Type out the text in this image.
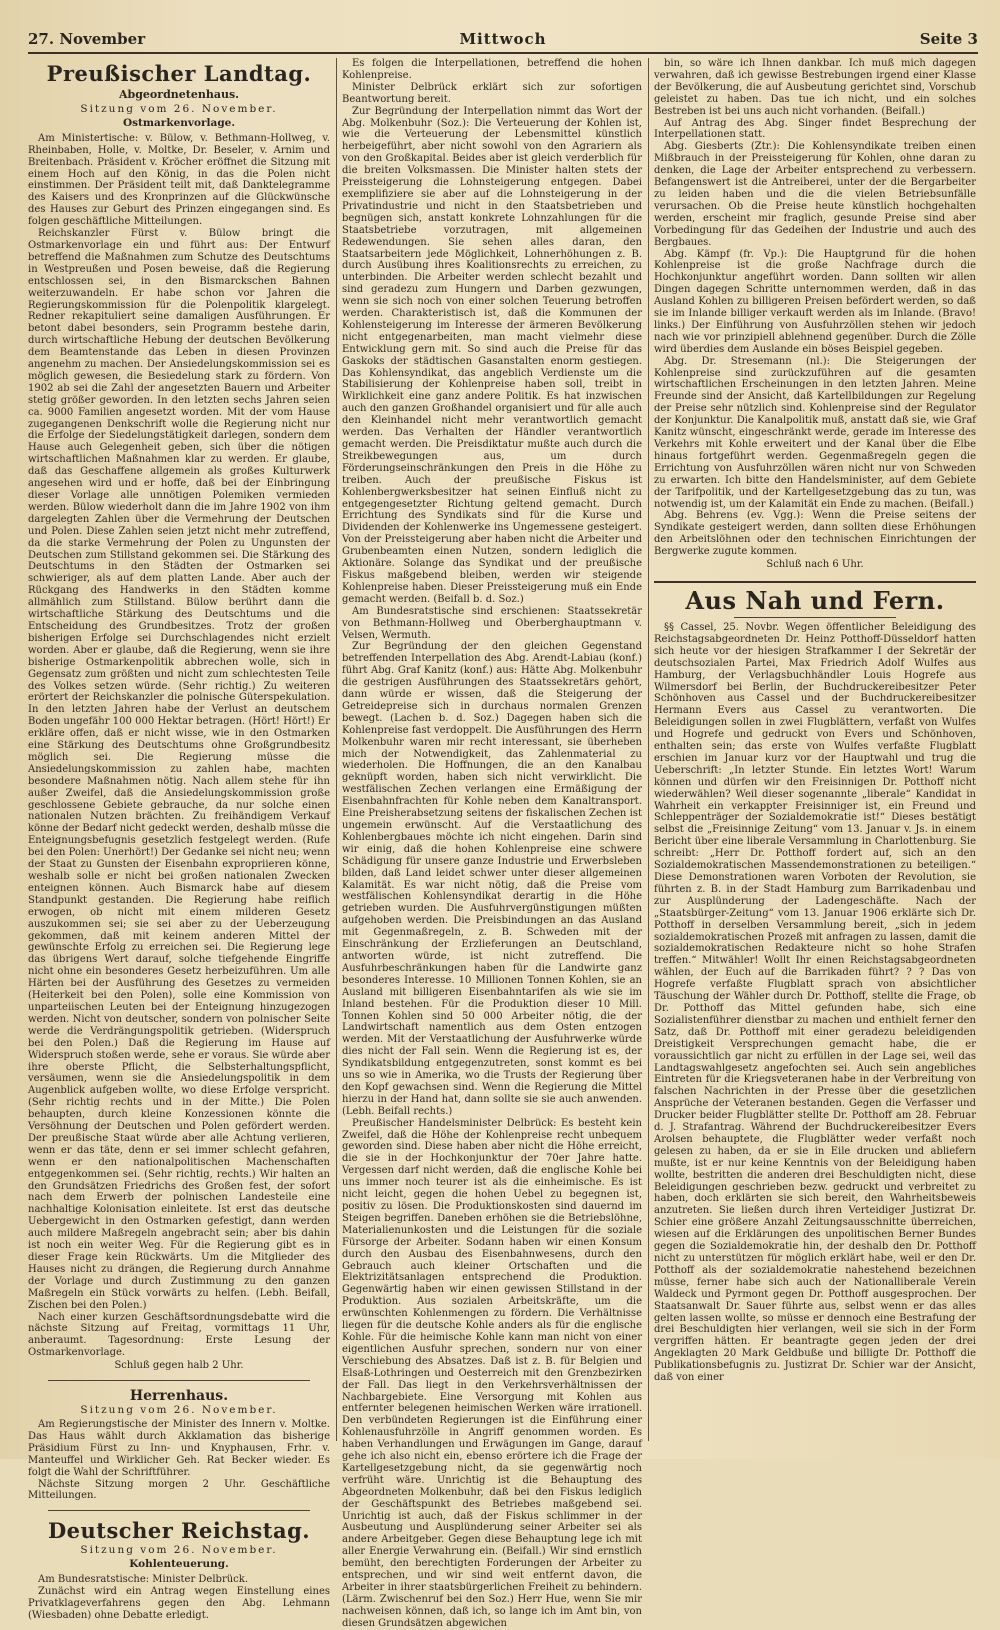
27. November	Mittwoch	Seite 3
Preußischer Landtag.
Abgeordnetenhaus.
Sitzung vom 26. November.
Ostmarkenvorlage.

Am Ministertische: v. Bülow, v. Bethmann-Hollweg, v. Rheinbaben, Holle, v. Moltke, Dr. Beseler, v. Arnim und Breitenbach. Präsident v. Kröcher eröffnet die Sitzung mit einem Hoch auf den König, in das die Polen nicht einstimmen. Der Präsident teilt mit, daß Danktelegramme des Kaisers und des Kronprinzen auf die Glückwünsche des Hauses zur Geburt des Prinzen eingegangen sind. Es folgen geschäftliche Mitteilungen.

Reichskanzler Fürst v. Bülow bringt die Ostmarkenvorlage ein und führt aus: Der Entwurf betreffend die Maßnahmen zum Schutze des Deutschtums in Westpreußen und Posen beweise, daß die Regierung entschlossen sei, in den Bismarckschen Bahnen weiterzuwandeln. Er habe schon vor Jahren die Regierungskommission für die Polenpolitik klargelegt. Redner rekapituliert seine damaligen Ausführungen. Er betont dabei besonders, sein Programm bestehe darin, durch wirtschaftliche Hebung der deutschen Bevölkerung dem Beamtenstande das Leben in diesen Provinzen angenehm zu machen. Der Ansiedelungskommission sei es möglich gewesen, die Besiedelung stark zu fördern. Von 1902 ab sei die Zahl der angesetzten Bauern und Arbeiter stetig größer geworden. In den letzten sechs Jahren seien ca. 9000 Familien angesetzt worden. Mit der vom Hause zugegangenen Denkschrift wolle die Regierung nicht nur die Erfolge der Siedelungstätigkeit darlegen, sondern dem Hause auch Gelegenheit geben, sich über die nötigen wirtschaftlichen Maßnahmen klar zu werden. Er glaube, daß das Geschaffene allgemein als großes Kulturwerk angesehen wird und er hoffe, daß bei der Einbringung dieser Vorlage alle unnötigen Polemiken vermieden werden. Bülow wiederholt dann die im Jahre 1902 von ihm dargelegten Zahlen über die Vermehrung der Deutschen und Polen. Diese Zahlen seien jetzt nicht mehr zutreffend, da die starke Vermehrung der Polen zu Ungunsten der Deutschen zum Stillstand gekommen sei. Die Stärkung des Deutschtums in den Städten der Ostmarken sei schwieriger, als auf dem platten Lande. Aber auch der Rückgang des Handwerks in den Städten komme allmählich zum Stillstand. Bülow berührt dann die wirtschaftliche Stärkung des Deutschtums und die Entscheidung des Grundbesitzes. Trotz der großen bisherigen Erfolge sei Durchschlagendes nicht erzielt worden. Aber er glaube, daß die Regierung, wenn sie ihre bisherige Ostmarkenpolitik abbrechen wolle, sich in Gegensatz zum größten und nicht zum schlechtesten Teile des Volkes setzen würde. (Sehr richtig.) Zu weiteren erörtert der Reichskanzler die polnische Güterspekulation. In den letzten Jahren habe der Verlust an deutschem Boden ungefähr 100 000 Hektar betragen. (Hört! Hört!) Er erkläre offen, daß er nicht wisse, wie in den Ostmarken eine Stärkung des Deutschtums ohne Großgrundbesitz möglich sei. Die Regierung müsse die Ansiedelungskommission zu zahlen habe, machten besondere Maßnahmen nötig. Nach allem stehe für ihn außer Zweifel, daß die Ansiedelungskommission große geschlossene Gebiete gebrauche, da nur solche einen nationalen Nutzen brächten. Zu freihändigem Verkauf könne der Bedarf nicht gedeckt werden, deshalb müsse die Enteignungsbefugnis gesetzlich festgelegt werden. (Rufe bei den Polen: Unerhört!) Der Gedanke sei nicht neu; wenn der Staat zu Gunsten der Eisenbahn expropriieren könne, weshalb solle er nicht bei großen nationalen Zwecken enteignen können. Auch Bismarck habe auf diesem Standpunkt gestanden. Die Regierung habe reiflich erwogen, ob nicht mit einem milderen Gesetz auszukommen sei; sie sei aber zu der Ueberzeugung gekommen, daß mit keinem anderen Mittel der gewünschte Erfolg zu erreichen sei. Die Regierung lege das übrigens Wert darauf, solche tiefgehende Eingriffe nicht ohne ein besonderes Gesetz herbeizuführen. Um alle Härten bei der Ausführung des Gesetzes zu vermeiden (Heiterkeit bei den Polen), solle eine Kommission von unparteiischen Leuten bei der Enteignung hinzugezogen werden. Nicht von deutscher, sondern von polnischer Seite werde die Verdrängungspolitik getrieben. (Widerspruch bei den Polen.) Daß die Regierung im Hause auf Widerspruch stoßen werde, sehe er voraus. Sie würde aber ihre oberste Pflicht, die Selbsterhaltungspflicht, versäumen, wenn sie die Ansiedelungspolitik in dem Augenblick aufgeben wollte, wo diese Erfolge verspricht. (Sehr richtig rechts und in der Mitte.) Die Polen behaupten, durch kleine Konzessionen könnte die Versöhnung der Deutschen und Polen gefördert werden. Der preußische Staat würde aber alle Achtung verlieren, wenn er das täte, denn er sei immer schlecht gefahren, wenn er den nationalpolitischen Machenschaften entgegenkommen sei. (Sehr richtig, rechts.) Wir halten an den Grundsätzen Friedrichs des Großen fest, der sofort nach dem Erwerb der polnischen Landesteile eine nachhaltige Kolonisation einleitete. Ist erst das deutsche Uebergewicht in den Ostmarken gefestigt, dann werden auch mildere Maßregeln angebracht sein; aber bis dahin ist noch ein weiter Weg. Für die Regierung gibt es in dieser Frage kein Rückwärts. Um die Mitglieder des Hauses nicht zu drängen, die Regierung durch Annahme der Vorlage und durch Zustimmung zu den ganzen Maßregeln ein Stück vorwärts zu helfen. (Lebh. Beifall, Zischen bei den Polen.)

Nach einer kurzen Geschäftsordnungsdebatte wird die nächste Sitzung auf Freitag, vormittags 11 Uhr, anberaumt. Tagesordnung: Erste Lesung der Ostmarkenvorlage.

Schluß gegen halb 2 Uhr.
Herrenhaus.
Sitzung vom 26. November.

Am Regierungstische der Minister des Innern v. Moltke. Das Haus wählt durch Akklamation das bisherige Präsidium Fürst zu Inn- und Knyphausen, Frhr. v. Manteuffel und Wirklicher Geh. Rat Becker wieder. Es folgt die Wahl der Schriftführer.

Nächste Sitzung morgen 2 Uhr. Geschäftliche Mitteilungen.

Deutscher Reichstag.
Sitzung vom 26. November.
Kohlenteuerung.

Am Bundesratstische: Minister Delbrück.

Zunächst wird ein Antrag wegen Einstellung eines Privatklageverfahrens gegen den Abg. Lehmann (Wiesbaden) ohne Debatte erledigt.

Es folgen die Interpellationen, betreffend die hohen Kohlenpreise.

Minister Delbrück erklärt sich zur sofortigen Beantwortung bereit.

Zur Begründung der Interpellation nimmt das Wort der Abg. Molkenbuhr (Soz.): Die Verteuerung der Kohlen ist, wie die Verteuerung der Lebensmittel künstlich herbeigeführt, aber nicht sowohl von den Agrariern als von den Großkapital. Beides aber ist gleich verderblich für die breiten Volksmassen. Die Minister halten stets der Preissteigerung die Lohnsteigerung entgegen. Dabei exemplifiziere sie aber auf die Lohnsteigerung in der Privatindustrie und nicht in den Staatsbetrieben und begnügen sich, anstatt konkrete Lohnzahlungen für die Staatsbetriebe vorzutragen, mit allgemeinen Redewendungen. Sie sehen alles daran, den Staatsarbeitern jede Möglichkeit, Lohnerhöhungen z. B. durch Ausübung ihres Koalitionsrechts zu erreichen, zu unterbinden. Die Arbeiter werden schlecht bezahlt und sind geradezu zum Hungern und Darben gezwungen, wenn sie sich noch von einer solchen Teuerung betroffen werden. Charakteristisch ist, daß die Kommunen der Kohlensteigerung im Interesse der ärmeren Bevölkerung nicht entgegenarbeiten, man macht vielmehr diese Entwicklung gern mit. So sind auch die Preise für das Gaskoks der städtischen Gasanstalten enorm gestiegen. Das Kohlensyndikat, das angeblich Verdienste um die Stabilisierung der Kohlenpreise haben soll, treibt in Wirklichkeit eine ganz andere Politik. Es hat inzwischen auch den ganzen Großhandel organisiert und für alle auch den Kleinhandel nicht mehr verantwortlich gemacht werden. Das Verhalten der Händler verantwortlich gemacht werden. Die Preisdiktatur mußte auch durch die Streikbewegungen aus, um durch Förderungseinschränkungen den Preis in die Höhe zu treiben. Auch der preußische Fiskus ist Kohlenbergwerksbesitzer hat seinen Einfluß nicht zu entgegengesetzter Richtung geltend gemacht. Durch Errichtung des Syndikats sind für die Kurse und Dividenden der Kohlenwerke ins Ungemessene gesteigert. Von der Preissteigerung aber haben nicht die Arbeiter und Grubenbeamten einen Nutzen, sondern lediglich die Aktionäre. Solange das Syndikat und der preußische Fiskus maßgebend bleiben, werden wir steigende Kohlenpreise haben. Dieser Preissteigerung muß ein Ende gemacht werden. (Beifall b. d. Soz.)

Am Bundesratstische sind erschienen: Staatssekretär von Bethmann-Hollweg und Oberberghauptmann v. Velsen, Wermuth.

Zur Begründung der den gleichen Gegenstand betreffenden Interpellation des Abg. Arendt-Labiau (konf.) führt Abg. Graf Kanitz (konf.) aus: Hätte Abg. Molkenbuhr die gestrigen Ausführungen des Staatssekretärs gehört, dann würde er wissen, daß die Steigerung der Getreidepreise sich in durchaus normalen Grenzen bewegt. (Lachen b. d. Soz.) Dagegen haben sich die Kohlenpreise fast verdoppelt. Die Ausführungen des Herrn Molkenbuhr waren mir recht interessant, sie überheben mich der Notwendigkeit, das Zahlenmaterial zu wiederholen. Die Hoffnungen, die an den Kanalbau geknüpft worden, haben sich nicht verwirklicht. Die westfälischen Zechen verlangen eine Ermäßigung der Eisenbahnfrachten für Kohle neben dem Kanaltransport. Eine Preisherabsetzung seitens der fiskalischen Zechen ist ungemein erwünscht. Auf die Verstaatlichung des Kohlenbergbaues möchte ich nicht eingehen. Darin sind wir einig, daß die hohen Kohlenpreise eine schwere Schädigung für unsere ganze Industrie und Erwerbsleben bilden, daß Land leidet schwer unter dieser allgemeinen Kalamität. Es war nicht nötig, daß die Preise vom westfälischen Kohlensyndikat derartig in die Höhe getrieben wurden. Die Ausfuhrvergünstigungen müßten aufgehoben werden. Die Preisbindungen an das Ausland mit Gegenmaßregeln, z. B. Schweden mit der Einschränkung der Erzlieferungen an Deutschland, antworten würde, ist nicht zutreffend. Die Ausfuhrbeschränkungen haben für die Landwirte ganz besonderes Interesse. 10 Millionen Tonnen Kohlen, sie an Ausland mit billigeren Eisenbahntarifen als wie sie im Inland bestehen. Für die Produktion dieser 10 Mill. Tonnen Kohlen sind 50 000 Arbeiter nötig, die der Landwirtschaft namentlich aus dem Osten entzogen werden. Mit der Verstaatlichung der Ausfuhrwerke würde dies nicht der Fall sein. Wenn die Regierung ist es, der Syndikatsbildung entgegenzutreten, sonst kommt es bei uns so wie in Amerika, wo die Trusts der Regierung über den Kopf gewachsen sind. Wenn die Regierung die Mittel hierzu in der Hand hat, dann sollte sie sie auch anwenden. (Lebh. Beifall rechts.)

Preußischer Handelsminister Delbrück: Es besteht kein Zweifel, daß die Höhe der Kohlenpreise recht unbequem geworden sind. Diese haben aber nicht die Höhe erreicht, die sie in der Hochkonjunktur der 70er Jahre hatte. Vergessen darf nicht werden, daß die englische Kohle bei uns immer noch teurer ist als die einheimische. Es ist nicht leicht, gegen die hohen Uebel zu begegnen ist, positiv zu lösen. Die Produktionskosten sind dauernd im Steigen begriffen. Daneben erhöhen sie die Betriebslöhne, Materialienunkosten und die Leistungen für die soziale Fürsorge der Arbeiter. Sodann haben wir einen Konsum durch den Ausbau des Eisenbahnwesens, durch den Gebrauch auch kleiner Ortschaften und die Elektrizitätsanlagen entsprechend die Produktion. Gegenwärtig haben wir einen gewissen Stillstand in der Produktion. Aus sozialen Arbeitskräfte, um die erwünschten Kohlenmengen zu fördern. Die Verhältnisse liegen für die deutsche Kohle anders als für die englische Kohle. Für die heimische Kohle kann man nicht von einer eigentlichen Ausfuhr sprechen, sondern nur von einer Verschiebung des Absatzes. Daß ist z. B. für Belgien und Elsaß-Lothringen und Oesterreich mit den Grenzbezirken der Fall. Das liegt in den Verkehrsverhältnissen der Nachbargebiete. Eine Versorgung mit Kohlen aus entfernter belegenen heimischen Werken wäre irrationell. Den verbündeten Regierungen ist die Einführung einer Kohlenausfuhrzölle in Angriff genommen worden. Es haben Verhandlungen und Erwägungen im Gange, darauf gehe ich also nicht ein, ebenso erörtere ich die Frage der Kartellgesetzgebung nicht, da sie gegenwärtig noch verfrüht wäre. Unrichtig ist die Behauptung des Abgeordneten Molkenbuhr, daß bei den Fiskus lediglich der Geschäftspunkt des Betriebes maßgebend sei. Unrichtig ist auch, daß der Fiskus schlimmer in der Ausbeutung und Ausplünderung seiner Arbeiter sei als andere Arbeitgeber. Gegen diese Behauptung lege ich mit aller Energie Verwahrung ein. (Beifall.) Wir sind ernstlich bemüht, den berechtigten Forderungen der Arbeiter zu entsprechen, und wir sind weit entfernt davon, die Arbeiter in ihrer staatsbürgerlichen Freiheit zu behindern. (Lärm. Zwischenruf bei den Soz.) Herr Hue, wenn Sie mir nachweisen können, daß ich, so lange ich im Amt bin, von diesen Grundsätzen abgewichen

bin, so wäre ich Ihnen dankbar. Ich muß mich dagegen verwahren, daß ich gewisse Bestrebungen irgend einer Klasse der Bevölkerung, die auf Ausbeutung gerichtet sind, Vorschub geleistet zu haben. Das tue ich nicht, und ein solches Bestreben ist bei uns auch nicht vorhanden. (Beifall.)

Auf Antrag des Abg. Singer findet Besprechung der Interpellationen statt.

Abg. Giesberts (Ztr.): Die Kohlensyndikate treiben einen Mißbrauch in der Preissteigerung für Kohlen, ohne daran zu denken, die Lage der Arbeiter entsprechend zu verbessern. Befangenswert ist die Antreiberei, unter der die Bergarbeiter zu leiden haben und die die vielen Betriebsunfälle verursachen. Ob die Preise heute künstlich hochgehalten werden, erscheint mir fraglich, gesunde Preise sind aber Vorbedingung für das Gedeihen der Industrie und auch des Bergbaues.

Abg. Kämpf (fr. Vp.): Die Hauptgrund für die hohen Kohlenpreise ist die große Nachfrage durch die Hochkonjunktur angeführt worden. Dann sollten wir allen Dingen dagegen Schritte unternommen werden, daß in das Ausland Kohlen zu billigeren Preisen befördert werden, so daß sie im Inlande billiger verkauft werden als im Inlande. (Bravo! links.) Der Einführung von Ausfuhrzöllen stehen wir jedoch nach wie vor prinzipiell ablehnend gegenüber. Durch die Zölle wird überdies dem Auslande ein böses Beispiel gegeben.

Abg. Dr. Stresemann (nl.): Die Steigerungen der Kohlenpreise sind zurückzuführen auf die gesamten wirtschaftlichen Erscheinungen in den letzten Jahren. Meine Freunde sind der Ansicht, daß Kartellbildungen zur Regelung der Preise sehr nützlich sind. Kohlenpreise sind der Regulator der Konjunktur. Die Kanalpolitik muß, anstatt daß sie, wie Graf Kanitz wünscht, eingeschränkt werde, gerade im Interesse des Verkehrs mit Kohle erweitert und der Kanal über die Elbe hinaus fortgeführt werden. Gegenmaßregeln gegen die Errichtung von Ausfuhrzöllen wären nicht nur von Schweden zu erwarten. Ich bitte den Handelsminister, auf dem Gebiete der Tarifpolitik, und der Kartellgesetzgebung das zu tun, was notwendig ist, um der Kalamität ein Ende zu machen. (Beifall.)

Abg. Behrens (ev. Vgg.): Wenn die Preise seitens der Syndikate gesteigert werden, dann sollten diese Erhöhungen den Arbeitslöhnen oder den technischen Einrichtungen der Bergwerke zugute kommen.

Schluß nach 6 Uhr.
Aus Nah und Fern.

§§ Cassel, 25. Novbr. Wegen öffentlicher Beleidigung des Reichstagsabgeordneten Dr. Heinz Potthoff-Düsseldorf hatten sich heute vor der hiesigen Strafkammer I der Sekretär der deutschsozialen Partei, Max Friedrich Adolf Wulfes aus Hamburg, der Verlagsbuchhändler Louis Hogrefe aus Wilmersdorf bei Berlin, der Buchdruckereibesitzer Peter Schönhoven aus Cassel und der Buchdruckereibesitzer Hermann Evers aus Cassel zu verantworten. Die Beleidigungen sollen in zwei Flugblättern, verfaßt von Wulfes und Hogrefe und gedruckt von Evers und Schönhoven, enthalten sein; das erste von Wulfes verfaßte Flugblatt erschien im Januar kurz vor der Hauptwahl und trug die Ueberschrift: „In letzter Stunde. Ein letztes Wort! Warum können und dürfen wir den Freisinnigen Dr. Potthoff nicht wiederwählen? Weil dieser sogenannte „liberale“ Kandidat in Wahrheit ein verkappter Freisinniger ist, ein Freund und Schleppenträger der Sozialdemokratie ist!“ Dieses bestätigt selbst die „Freisinnige Zeitung“ vom 13. Januar v. Js. in einem Bericht über eine liberale Versammlung in Charlottenburg. Sie schreibt: „Herr Dr. Potthoff fordert auf, sich an den Sozialdemokratischen Massendemonstrationen zu beteiligen.“ Diese Demonstrationen waren Vorboten der Revolution, sie führten z. B. in der Stadt Hamburg zum Barrikadenbau und zur Ausplünderung der Ladengeschäfte. Nach der „Staatsbürger-Zeitung“ vom 13. Januar 1906 erklärte sich Dr. Potthoff in derselben Versammlung bereit, „sich in jedem sozialdemokratischen Prozeß mit anfragen zu lassen, damit die sozialdemokratischen Redakteure nicht so hohe Strafen treffen.“ Mitwähler! Wollt Ihr einen Reichstagsabgeordneten wählen, der Euch auf die Barrikaden führt? ? ? Das von Hogrefe verfaßte Flugblatt sprach von absichtlicher Täuschung der Wähler durch Dr. Potthoff, stellte die Frage, ob Dr. Potthoff das Mittel gefunden habe, sich eine Sozialistenführer dienstbar zu machen und enthielt ferner den Satz, daß Dr. Potthoff mit einer geradezu beleidigenden Dreistigkeit Versprechungen gemacht habe, die er voraussichtlich gar nicht zu erfüllen in der Lage sei, weil das Landtagswahlgesetz angefochten sei. Auch sein angebliches Eintreten für die Kriegsveteranen habe in der Verbreitung von falschen Nachrichten in der Presse über die gesetzlichen Ansprüche der Veteranen bestanden. Gegen die Verfasser und Drucker beider Flugblätter stellte Dr. Potthoff am 28. Februar d. J. Strafantrag. Während der Buchdruckereibesitzer Evers Arolsen behauptete, die Flugblätter weder verfaßt noch gelesen zu haben, da er sie in Eile drucken und abliefern mußte, ist er nur keine Kenntnis von der Beleidigung haben wollte, bestritten die anderen drei Beschuldigten nicht, diese Beleidigungen geschrieben bezw. gedruckt und verbreitet zu haben, doch erklärten sie sich bereit, den Wahrheitsbeweis anzutreten. Sie ließen durch ihren Verteidiger Justizrat Dr. Schier eine größere Anzahl Zeitungsausschnitte überreichen, wiesen auf die Erklärungen des unpolitischen Berner Bundes gegen die Sozialdemokratie hin, der deshalb den Dr. Potthoff nicht zu unterstützen für möglich erklärt habe, weil er den Dr. Potthoff als der sozialdemokratie nahestehend bezeichnen müsse, ferner habe sich auch der Nationalliberale Verein Waldeck und Pyrmont gegen Dr. Potthoff ausgesprochen. Der Staatsanwalt Dr. Sauer führte aus, selbst wenn er das alles gelten lassen wollte, so müsse er dennoch eine Bestrafung der drei Beschuldigten hier verlangen, weil sie sich in der Form vergriffen hätten. Er beantragte gegen jeden der drei Angeklagten 20 Mark Geldbuße und billigte Dr. Potthoff die Publikationsbefugnis zu. Justizrat Dr. Schier war der Ansicht, daß von einer
